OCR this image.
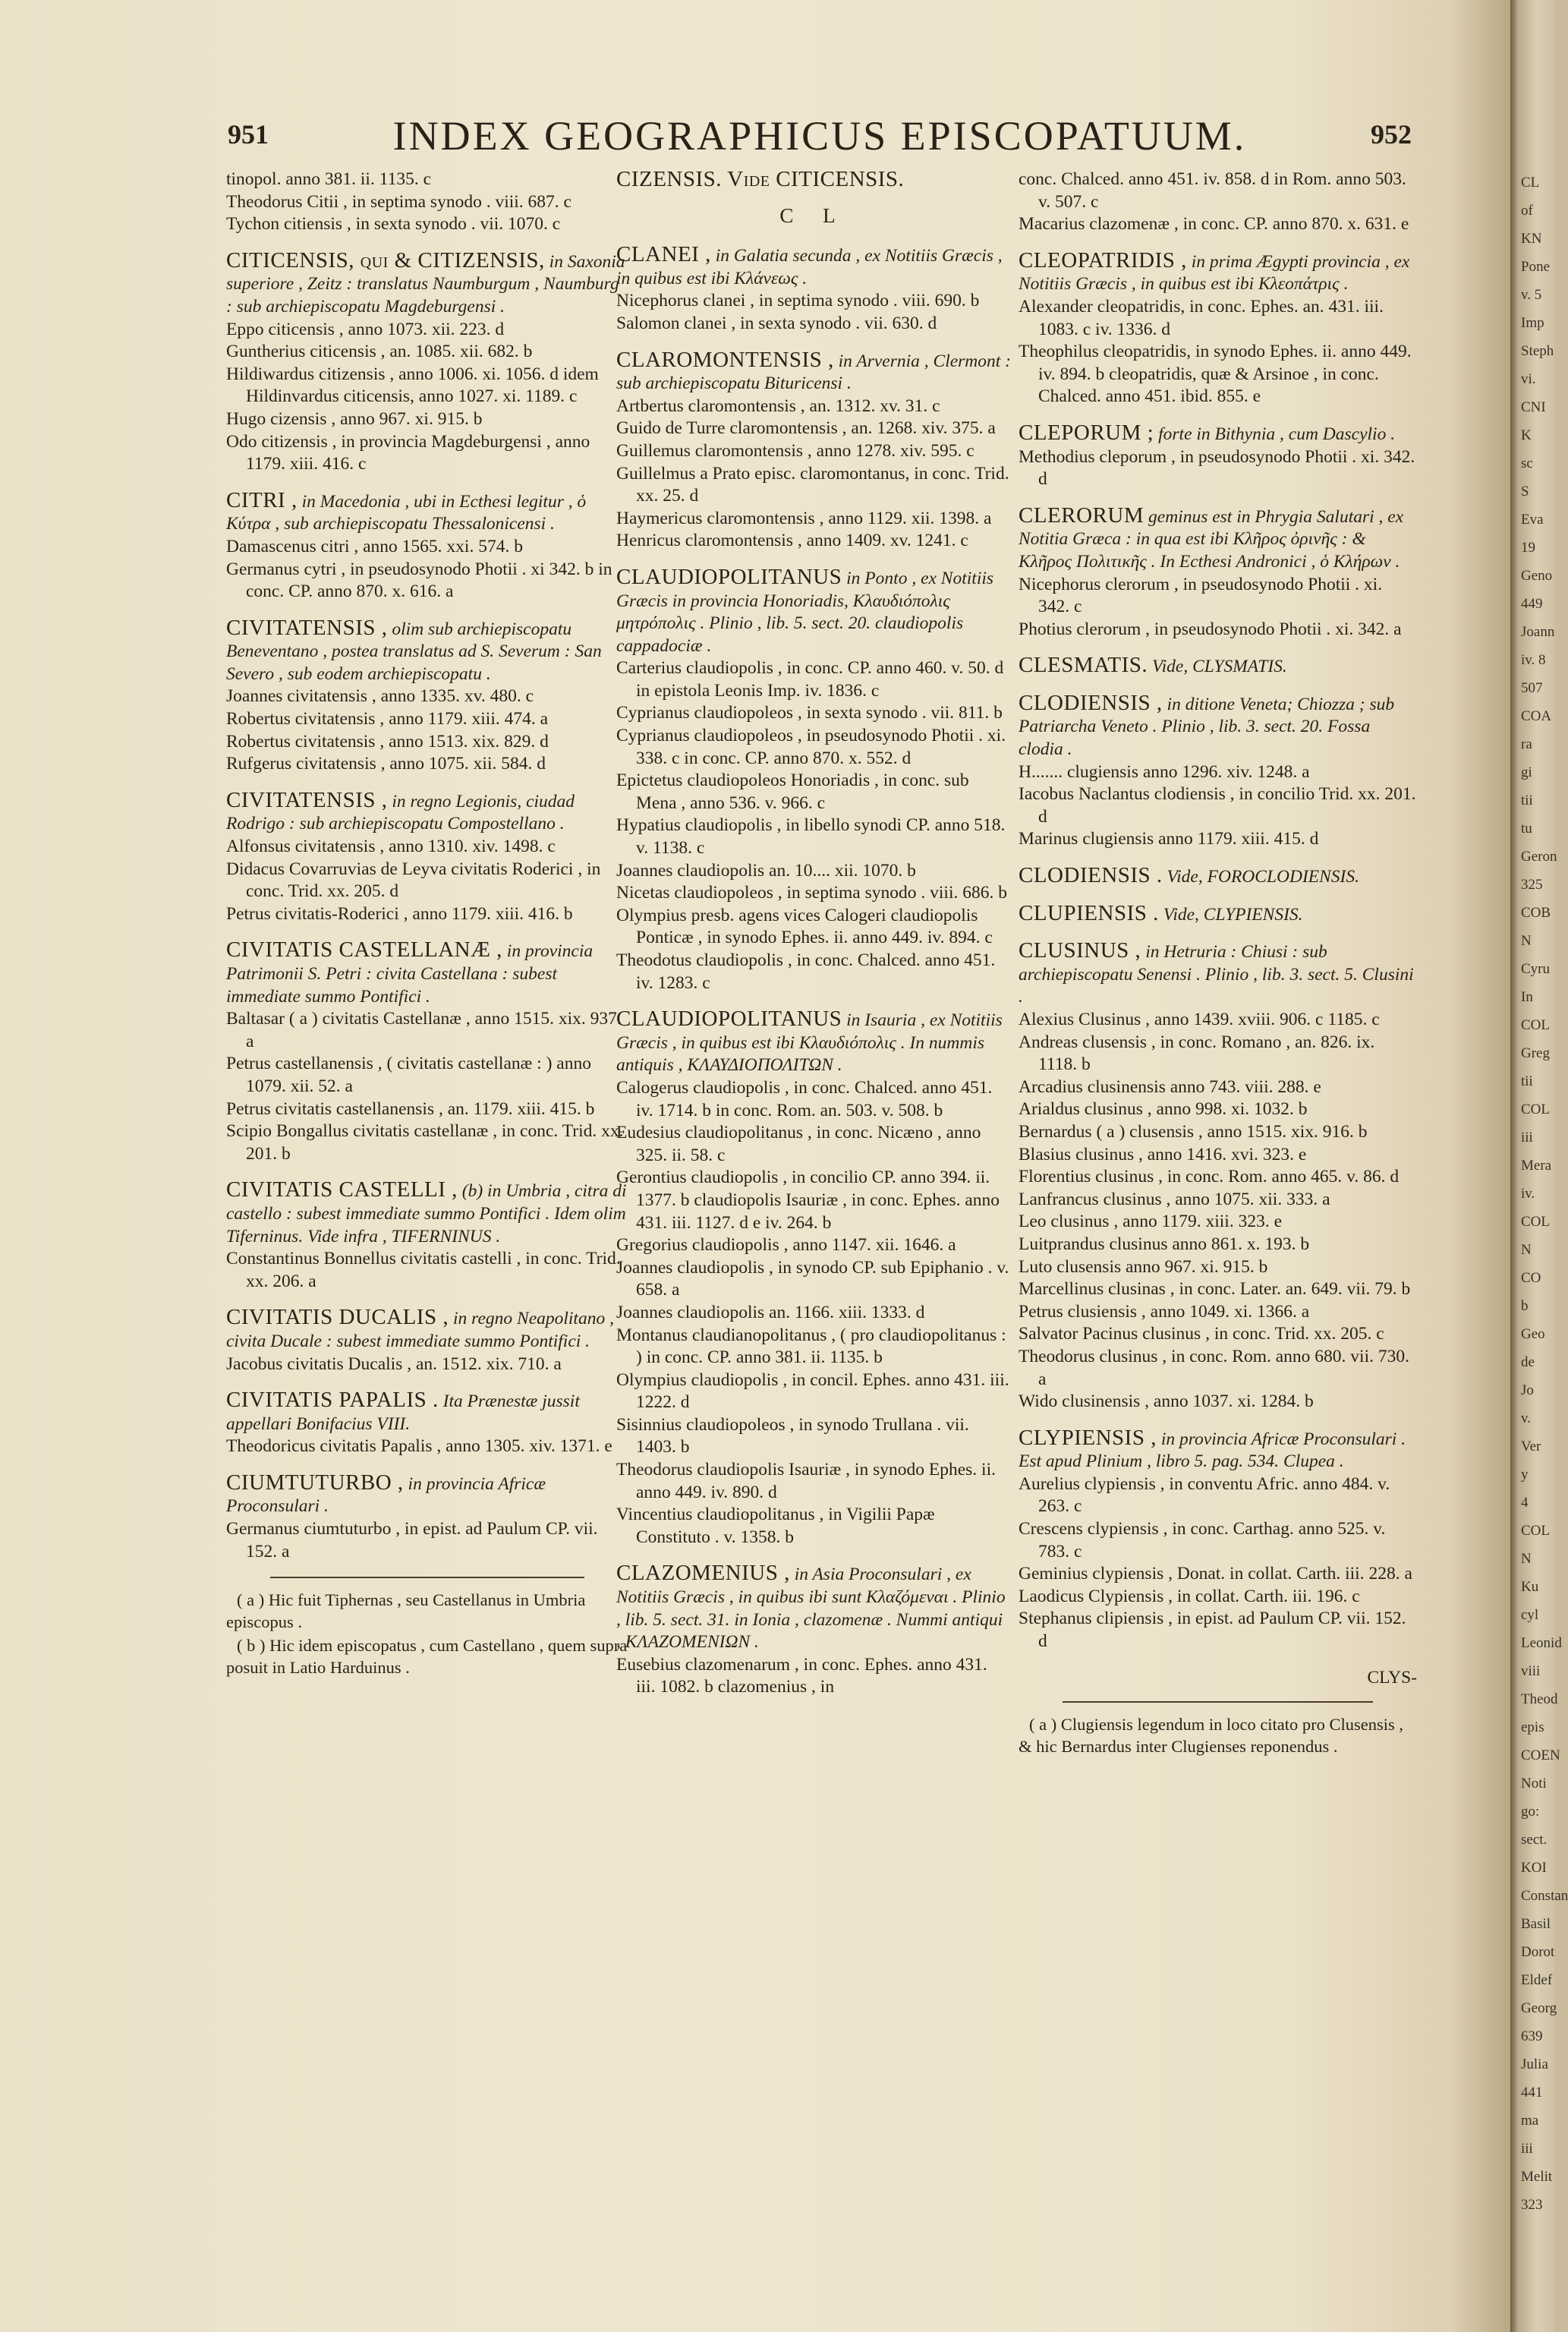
951	INDEX GEOGRAPHICUS EPISCOPATUUM.	952
tinopol. anno 381. ii. 1135. c
Theodorus Citii , in septima synodo . viii. 687. c
Tychon citiensis , in sexta synodo . vii. 1070. c
CITICENSIS, qui & CITIZENSIS, in Saxonia superiore , Zeitz : translatus Naumburgum , Naumburg : sub archiepiscopatu Magdeburgensi .
Eppo citicensis , anno 1073. xii. 223. d
Guntherius citicensis , an. 1085. xii. 682. b
Hildiwardus citizensis , anno 1006. xi. 1056. d idem Hildinvardus citicensis, anno 1027. xi. 1189. c
Hugo cizensis , anno 967. xi. 915. b
Odo citizensis , in provincia Magdeburgensi , anno 1179. xiii. 416. c
CITRI , in Macedonia , ubi in Ecthesi legitur , ὁ Κύτρα , sub archiepiscopatu Thessalonicensi .
Damascenus citri , anno 1565. xxi. 574. b
Germanus cytri , in pseudosynodo Photii . xi 342. b in conc. CP. anno 870. x. 616. a
CIVITATENSIS , olim sub archiepiscopatu Beneventano , postea translatus ad S. Severum : San Severo , sub eodem archiepiscopatu .
Joannes civitatensis , anno 1335. xv. 480. c
Robertus civitatensis , anno 1179. xiii. 474. a
Robertus civitatensis , anno 1513. xix. 829. d
Rufgerus civitatensis , anno 1075. xii. 584. d
CIVITATENSIS , in regno Legionis, ciudad Rodrigo : sub archiepiscopatu Compostellano .
Alfonsus civitatensis , anno 1310. xiv. 1498. c
Didacus Covarruvias de Leyva civitatis Roderici , in conc. Trid. xx. 205. d
Petrus civitatis-Roderici , anno 1179. xiii. 416. b
CIVITATIS CASTELLANÆ , in provincia Patrimonii S. Petri : civita Castellana : subest immediate summo Pontifici .
Baltasar ( a ) civitatis Castellanæ , anno 1515. xix. 937. a
Petrus castellanensis , ( civitatis castellanæ : ) anno 1079. xii. 52. a
Petrus civitatis castellanensis , an. 1179. xiii. 415. b
Scipio Bongallus civitatis castellanæ , in conc. Trid. xx. 201. b
CIVITATIS CASTELLI , (b) in Umbria , citra di castello : subest immediate summo Pontifici . Idem olim Tiferninus. Vide infra , TIFERNINUS .
Constantinus Bonnellus civitatis castelli , in conc. Trid. xx. 206. a
CIVITATIS DUCALIS , in regno Neapolitano , civita Ducale : subest immediate summo Pontifici .
Jacobus civitatis Ducalis , an. 1512. xix. 710. a
CIVITATIS PAPALIS . Ita Prænestæ jussit appellari Bonifacius VIII.
Theodoricus civitatis Papalis , anno 1305. xiv. 1371. e
CIUMTUTURBO , in provincia Africæ Proconsulari .
Germanus ciumtuturbo , in epist. ad Paulum CP. vii. 152. a

( a ) Hic fuit Tiphernas , seu Castellanus in Umbria episcopus .

( b ) Hic idem episcopatus , cum Castellano , quem supra posuit in Latio Harduinus .

CIZENSIS. Vide CITICENSIS.
C L
CLANEI , in Galatia secunda , ex Notitiis Græcis , in quibus est ibi Κλάνεως .
Nicephorus clanei , in septima synodo . viii. 690. b
Salomon clanei , in sexta synodo . vii. 630. d
CLAROMONTENSIS , in Arvernia , Clermont : sub archiepiscopatu Bituricensi .
Artbertus claromontensis , an. 1312. xv. 31. c
Guido de Turre claromontensis , an. 1268. xiv. 375. a
Guillemus claromontensis , anno 1278. xiv. 595. c
Guillelmus a Prato episc. claromontanus, in conc. Trid. xx. 25. d
Haymericus claromontensis , anno 1129. xii. 1398. a
Henricus claromontensis , anno 1409. xv. 1241. c
CLAUDIOPOLITANUS in Ponto , ex Notitiis Græcis in provincia Honoriadis, Κλαυδιόπολις μητρόπολις . Plinio , lib. 5. sect. 20. claudiopolis cappadociæ .
Carterius claudiopolis , in conc. CP. anno 460. v. 50. d in epistola Leonis Imp. iv. 1836. c
Cyprianus claudiopoleos , in sexta synodo . vii. 811. b
Cyprianus claudiopoleos , in pseudosynodo Photii . xi. 338. c in conc. CP. anno 870. x. 552. d
Epictetus claudiopoleos Honoriadis , in conc. sub Mena , anno 536. v. 966. c
Hypatius claudiopolis , in libello synodi CP. anno 518. v. 1138. c
Joannes claudiopolis an. 10.... xii. 1070. b
Nicetas claudiopoleos , in septima synodo . viii. 686. b
Olympius presb. agens vices Calogeri claudiopolis Ponticæ , in synodo Ephes. ii. anno 449. iv. 894. c
Theodotus claudiopolis , in conc. Chalced. anno 451. iv. 1283. c
CLAUDIOPOLITANUS in Isauria , ex Notitiis Græcis , in quibus est ibi Κλαυδιόπολις . In nummis antiquis , ΚΛΑΥΔΙΟΠΟΛΙΤΩΝ .
Calogerus claudiopolis , in conc. Chalced. anno 451. iv. 1714. b in conc. Rom. an. 503. v. 508. b
Eudesius claudiopolitanus , in conc. Nicæno , anno 325. ii. 58. c
Gerontius claudiopolis , in concilio CP. anno 394. ii. 1377. b claudiopolis Isauriæ , in conc. Ephes. anno 431. iii. 1127. d e iv. 264. b
Gregorius claudiopolis , anno 1147. xii. 1646. a
Joannes claudiopolis , in synodo CP. sub Epiphanio . v. 658. a
Joannes claudiopolis an. 1166. xiii. 1333. d
Montanus claudianopolitanus , ( pro claudiopolitanus : ) in conc. CP. anno 381. ii. 1135. b
Olympius claudiopolis , in concil. Ephes. anno 431. iii. 1222. d
Sisinnius claudiopoleos , in synodo Trullana . vii. 1403. b
Theodorus claudiopolis Isauriæ , in synodo Ephes. ii. anno 449. iv. 890. d
Vincentius claudiopolitanus , in Vigilii Papæ Constituto . v. 1358. b
CLAZOMENIUS , in Asia Proconsulari , ex Notitiis Græcis , in quibus ibi sunt Κλαζόμεναι . Plinio , lib. 5. sect. 31. in Ionia , clazomenæ . Nummi antiqui , ΚΛΑΖΟΜΕΝΙΩΝ .
Eusebius clazomenarum , in conc. Ephes. anno 431. iii. 1082. b clazomenius , in
conc. Chalced. anno 451. iv. 858. d in Rom. anno 503. v. 507. c
Macarius clazomenæ , in conc. CP. anno 870. x. 631. e
CLEOPATRIDIS , in prima Ægypti provincia , ex Notitiis Græcis , in quibus est ibi Κλεοπάτρις .
Alexander cleopatridis, in conc. Ephes. an. 431. iii. 1083. c iv. 1336. d
Theophilus cleopatridis, in synodo Ephes. ii. anno 449. iv. 894. b cleopatridis, quæ & Arsinoe , in conc. Chalced. anno 451. ibid. 855. e
CLEPORUM ; forte in Bithynia , cum Dascylio .
Methodius cleporum , in pseudosynodo Photii . xi. 342. d
CLERORUM geminus est in Phrygia Salutari , ex Notitia Græca : in qua est ibi Κλῆρος ὀρινῆς : & Κλῆρος Πολιτικῆς . In Ecthesi Andronici , ὁ Κλήρων .
Nicephorus clerorum , in pseudosynodo Photii . xi. 342. c
Photius clerorum , in pseudosynodo Photii . xi. 342. a
CLESMATIS. Vide, CLYSMATIS.
CLODIENSIS , in ditione Veneta; Chiozza ; sub Patriarcha Veneto . Plinio , lib. 3. sect. 20. Fossa clodia .
H....... clugiensis anno 1296. xiv. 1248. a
Iacobus Naclantus clodiensis , in concilio Trid. xx. 201. d
Marinus clugiensis anno 1179. xiii. 415. d
CLODIENSIS . Vide, FOROCLODIENSIS.
CLUPIENSIS . Vide, CLYPIENSIS.
CLUSINUS , in Hetruria : Chiusi : sub archiepiscopatu Senensi . Plinio , lib. 3. sect. 5. Clusini .
Alexius Clusinus , anno 1439. xviii. 906. c 1185. c
Andreas clusensis , in conc. Romano , an. 826. ix. 1118. b
Arcadius clusinensis anno 743. viii. 288. e
Arialdus clusinus , anno 998. xi. 1032. b
Bernardus ( a ) clusensis , anno 1515. xix. 916. b
Blasius clusinus , anno 1416. xvi. 323. e
Florentius clusinus , in conc. Rom. anno 465. v. 86. d
Lanfrancus clusinus , anno 1075. xii. 333. a
Leo clusinus , anno 1179. xiii. 323. e
Luitprandus clusinus anno 861. x. 193. b
Luto clusensis anno 967. xi. 915. b
Marcellinus clusinas , in conc. Later. an. 649. vii. 79. b
Petrus clusiensis , anno 1049. xi. 1366. a
Salvator Pacinus clusinus , in conc. Trid. xx. 205. c
Theodorus clusinus , in conc. Rom. anno 680. vii. 730. a
Wido clusinensis , anno 1037. xi. 1284. b
CLYPIENSIS , in provincia Africæ Proconsulari . Est apud Plinium , libro 5. pag. 534. Clupea .
Aurelius clypiensis , in conventu Afric. anno 484. v. 263. c
Crescens clypiensis , in conc. Carthag. anno 525. v. 783. c
Geminius clypiensis , Donat. in collat. Carth. iii. 228. a
Laodicus Clypiensis , in collat. Carth. iii. 196. c
Stephanus clipiensis , in epist. ad Paulum CP. vii. 152. d
CLYS-

( a ) Clugiensis legendum in loco citato pro Clusensis , & hic Bernardus inter Clugienses reponendus .

CL
of
KN
Pone
v. 5
Imp
Steph
vi.
CNI
K
sc
S
Eva
19
Geno
449
Joann
iv. 8
507
COA
ra
gi
tii
tu
Geron
325
COB
N
Cyru
In
COL
Greg
tii
COL
iii
Mera
iv.
COL
N
CO
b
Geo
de
Jo
v.
Ver
y
4
COL
N
Ku
cyl
Leonid
viii
Theod
epis
COEN
Noti
go:
sect.
KOI
Constan
Basil
Dorot
Eldef
Georg
639
Julia
441
ma
iii
Melit
323
